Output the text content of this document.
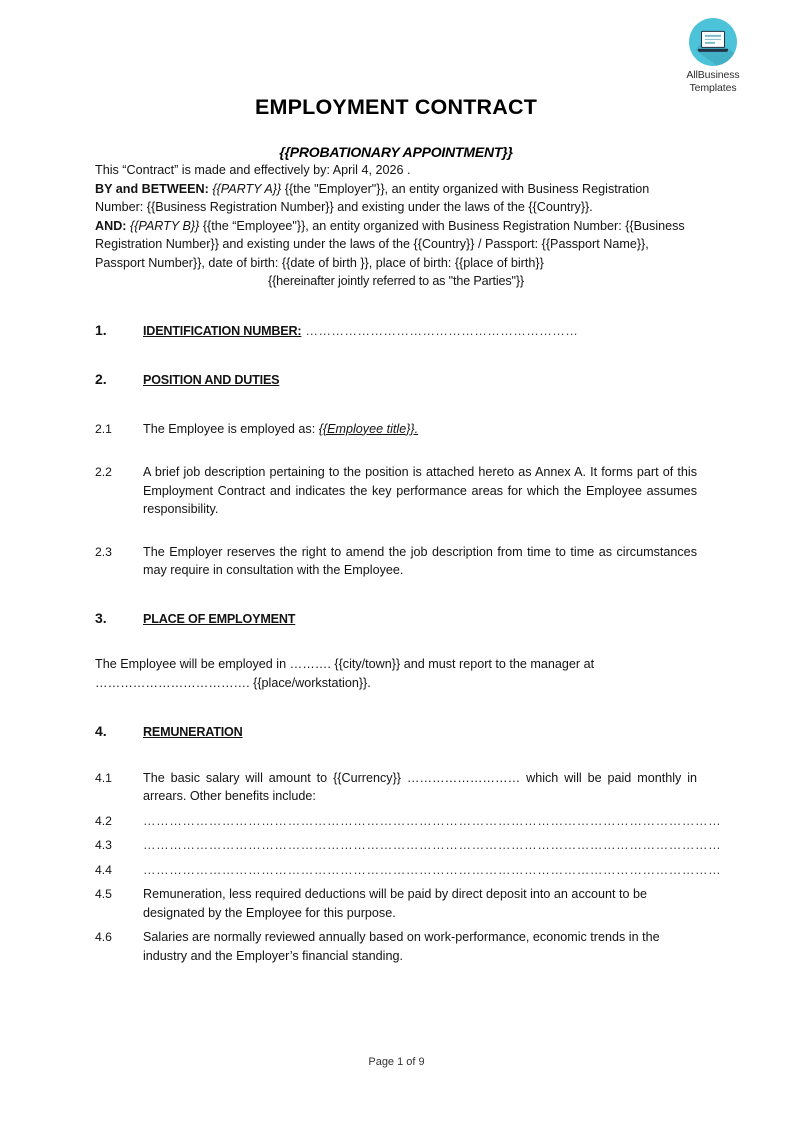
AllBusiness
Templates
EMPLOYMENT CONTRACT
{{PROBATIONARY APPOINTMENT}}

This “Contract” is made and effectively by: April 4, 2026 .

BY and BETWEEN: {{PARTY A}} {{the "Employer"}}, an entity organized with Business Registration Number: {{Business Registration Number}} and existing under the laws of the {{Country}}.

AND: {{PARTY B}} {{the “Employee"}}, an entity organized with Business Registration Number: {{Business Registration Number}} and existing under the laws of the {{Country}} / Passport: {{Passport Name}}, Passport Number}}, date of birth: {{date of birth }}, place of birth: {{place of birth}}

{{hereinafter jointly referred to as "the Parties"}}

1.	IDENTIFICATION NUMBER: ………………………………………………………
2.	POSITION AND DUTIES
2.1	The Employee is employed as: {{Employee title}}.
2.2	A brief job description pertaining to the position is attached hereto as Annex A. It forms part of this Employment Contract and indicates the key performance areas for which the Employee assumes responsibility.
2.3	The Employer reserves the right to amend the job description from time to time as circumstances may require in consultation with the Employee.
3.	PLACE OF EMPLOYMENT

The Employee will be employed in ………. {{city/town}} and must report to the manager at ………………………………. {{place/workstation}}.

4.	REMUNERATION
4.1	The basic salary will amount to {{Currency}} ……………………… which will be paid monthly in arrears. Other benefits include:
4.2	……………………………………………………………………………………………………………………
4.3	……………………………………………………………………………………………………………………
4.4	……………………………………………………………………………………………………………………
4.5	Remuneration, less required deductions will be paid by direct deposit into an account to be designated by the Employee for this purpose.
4.6	Salaries are normally reviewed annually based on work-performance, economic trends in the industry and the Employer’s financial standing.
Page 1 of 9
